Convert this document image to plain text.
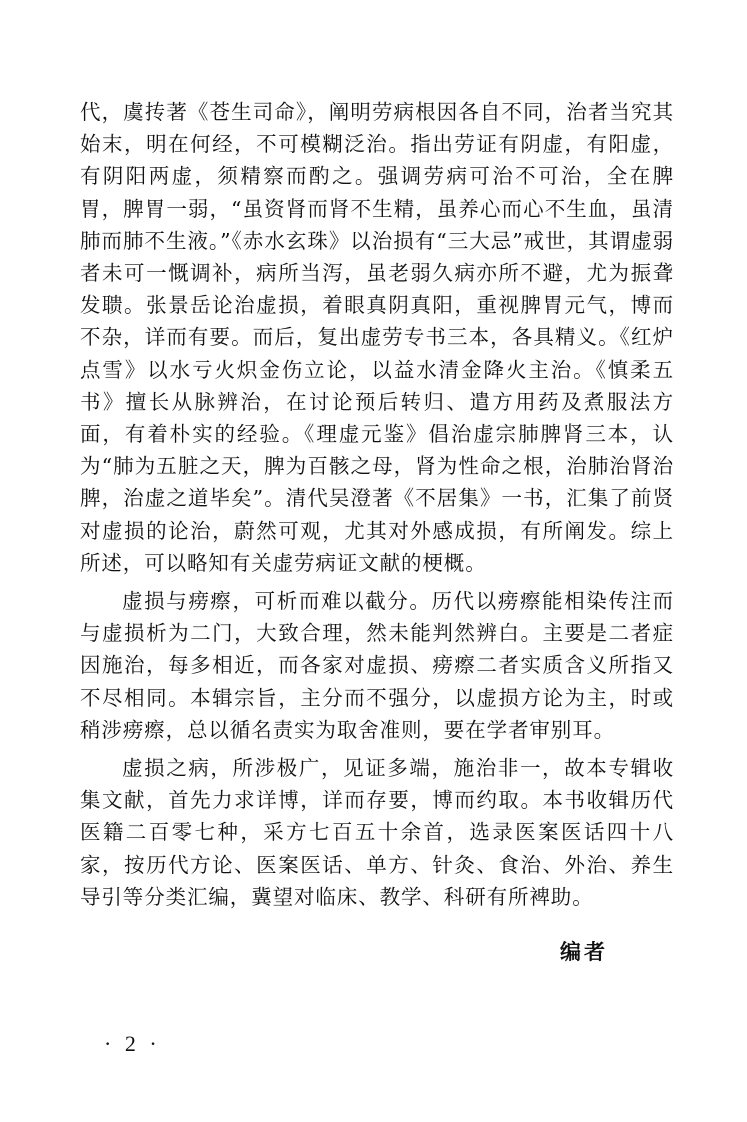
代，虞抟著《苍生司命》，阐明劳病根因各自不同，治者当究其始末，明在何经，不可模糊泛治。指出劳证有阴虚，有阳虚，有阴阳两虚，须精察而酌之。强调劳病可治不可治，全在脾胃，脾胃一弱，“虽资肾而肾不生精，虽养心而心不生血，虽清肺而肺不生液。”《赤水玄珠》以治损有“三大忌”戒世，其谓虚弱者未可一慨调补，病所当泻，虽老弱久病亦所不避，尤为振聋发聩。张景岳论治虚损，着眼真阴真阳，重视脾胃元气，博而不杂，详而有要。而后，复出虚劳专书三本，各具精义。《红炉点雪》以水亏火炽金伤立论，以益水清金降火主治。《慎柔五书》擅长从脉辨治，在讨论预后转归、遣方用药及煮服法方面，有着朴实的经验。《理虚元鉴》倡治虚宗肺脾肾三本，认为“肺为五脏之天，脾为百骸之母，肾为性命之根，治肺治肾治脾，治虚之道毕矣”。清代吴澄著《不居集》一书，汇集了前贤对虚损的论治，蔚然可观，尤其对外感成损，有所阐发。综上所述，可以略知有关虚劳病证文献的梗概。

虚损与痨瘵，可析而难以截分。历代以痨瘵能相染传注而与虚损析为二门，大致合理，然未能判然辨白。主要是二者症因施治，每多相近，而各家对虚损、痨瘵二者实质含义所指又不尽相同。本辑宗旨，主分而不强分，以虚损方论为主，时或稍涉痨瘵，总以循名责实为取舍准则，要在学者审别耳。

虚损之病，所涉极广，见证多端，施治非一，故本专辑收集文献，首先力求详博，详而存要，博而约取。本书收辑历代医籍二百零七种，采方七百五十余首，选录医案医话四十八家，按历代方论、医案医话、单方、针灸、食治、外治、养生导引等分类汇编，冀望对临床、教学、科研有所裨助。

编者
· 2 ·
